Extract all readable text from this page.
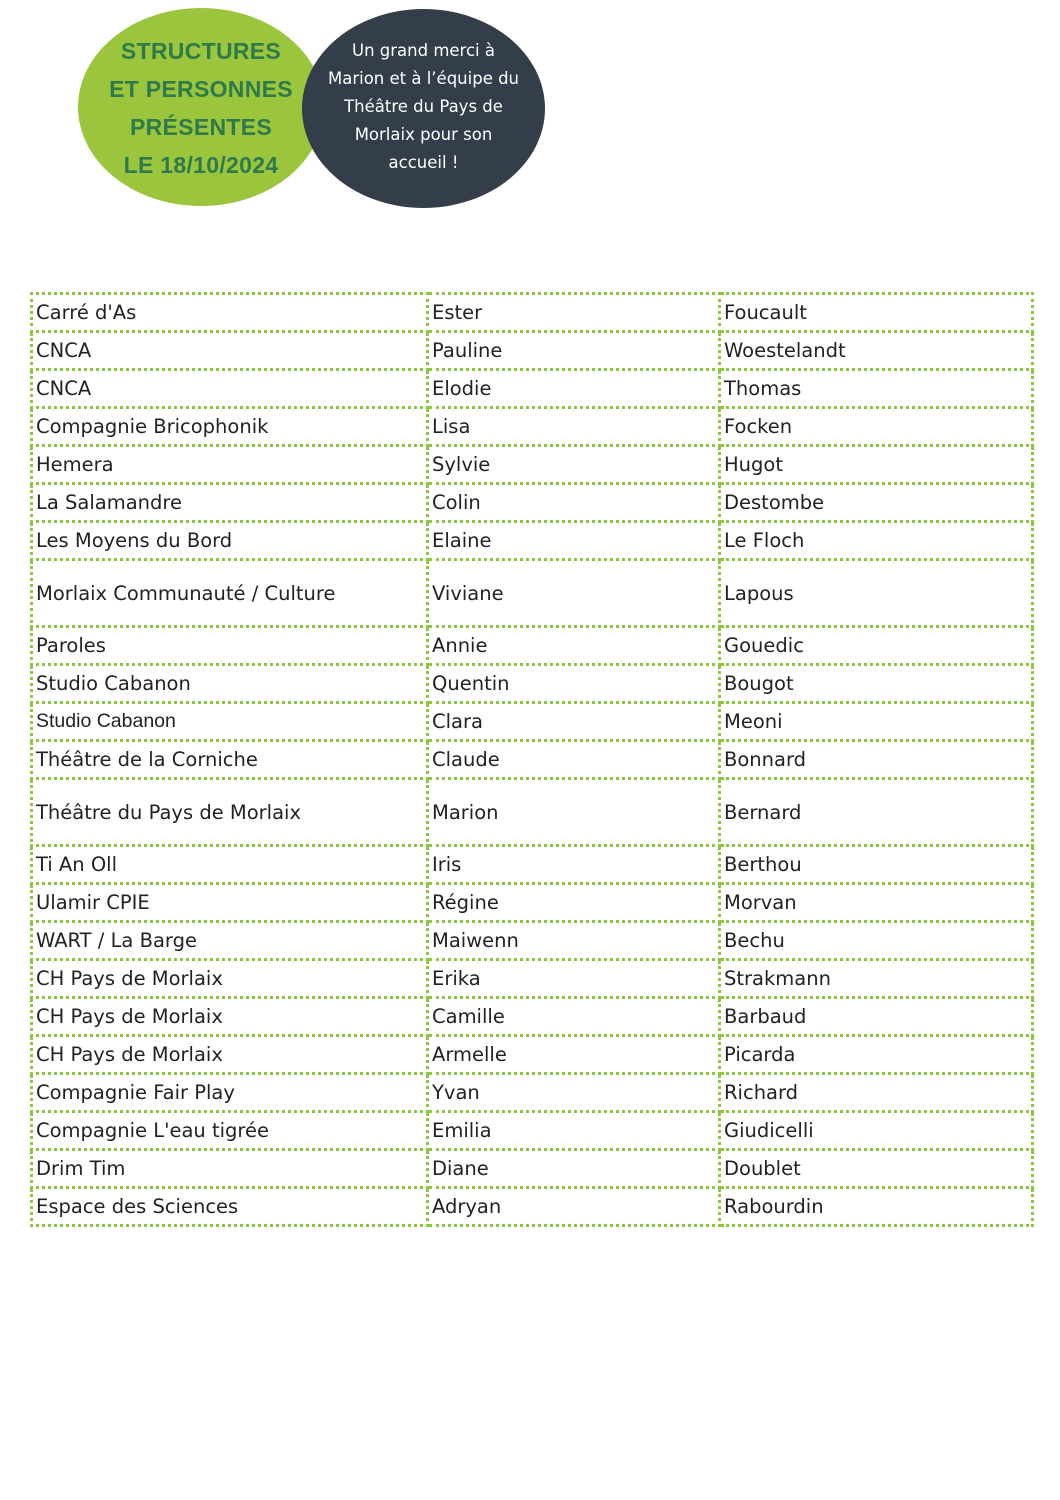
STRUCTURES
ET PERSONNES
PRÉSENTES
LE 18/10/2024
Un grand merci à
Marion et à l’équipe du
Théâtre du Pays de
Morlaix pour son
accueil !
Carré d'As	Ester	Foucault
CNCA	Pauline	Woestelandt
CNCA	Elodie	Thomas
Compagnie Bricophonik	Lisa	Focken
Hemera	Sylvie	Hugot
La Salamandre	Colin	Destombe
Les Moyens du Bord	Elaine	Le Floch
Morlaix Communauté / Culture	Viviane	Lapous
Paroles	Annie	Gouedic
Studio Cabanon	Quentin	Bougot
Studio Cabanon	Clara	Meoni
Théâtre de la Corniche	Claude	Bonnard
Théâtre du Pays de Morlaix	Marion	Bernard
Ti An Oll	Iris	Berthou
Ulamir CPIE	Régine	Morvan
WART / La Barge	Maiwenn	Bechu
CH Pays de Morlaix	Erika	Strakmann
CH Pays de Morlaix	Camille	Barbaud
CH Pays de Morlaix	Armelle	Picarda
Compagnie Fair Play	Yvan	Richard
Compagnie L'eau tigrée	Emilia	Giudicelli
Drim Tim	Diane	Doublet
Espace des Sciences	Adryan	Rabourdin
